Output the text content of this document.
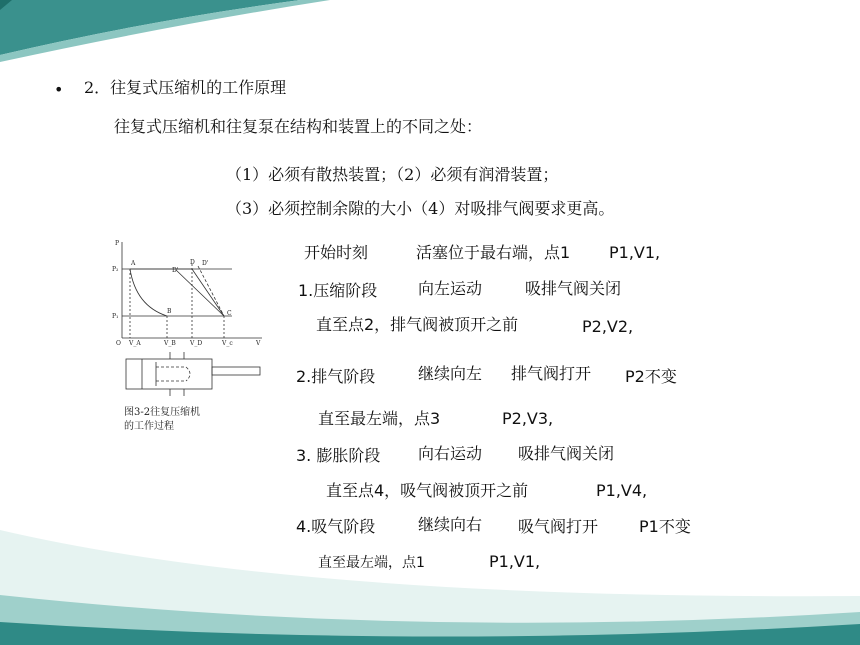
• 2．往复式压缩机的工作原理
往复式压缩机和往复泵在结构和装置上的不同之处：
（1）必须有散热装置；（2）必须有润滑装置；
（3）必须控制余隙的大小（4）对吸排气阀要求更高。
P
P₂
P₁
O V_A	V_B V_D	V_c	V
A
B	C
D
D'
D'
图3-2往复压缩机
的工作过程
开始时刻	活塞位于最右端，点1 P1,V1,
1.压缩阶段	向左运动	吸排气阀关闭
直至点2，排气阀被顶开之前	P2,V2,
2.排气阶段	继续向左 排气阀打开 P2不变
直至最左端，点3	P2,V3,
3. 膨胀阶段 向右运动 吸排气阀关闭
直至点4，吸气阀被顶开之前	P1,V4,
4.吸气阶段	继续向右 吸气阀打开	P1不变
直至最左端，点1	P1,V1,
